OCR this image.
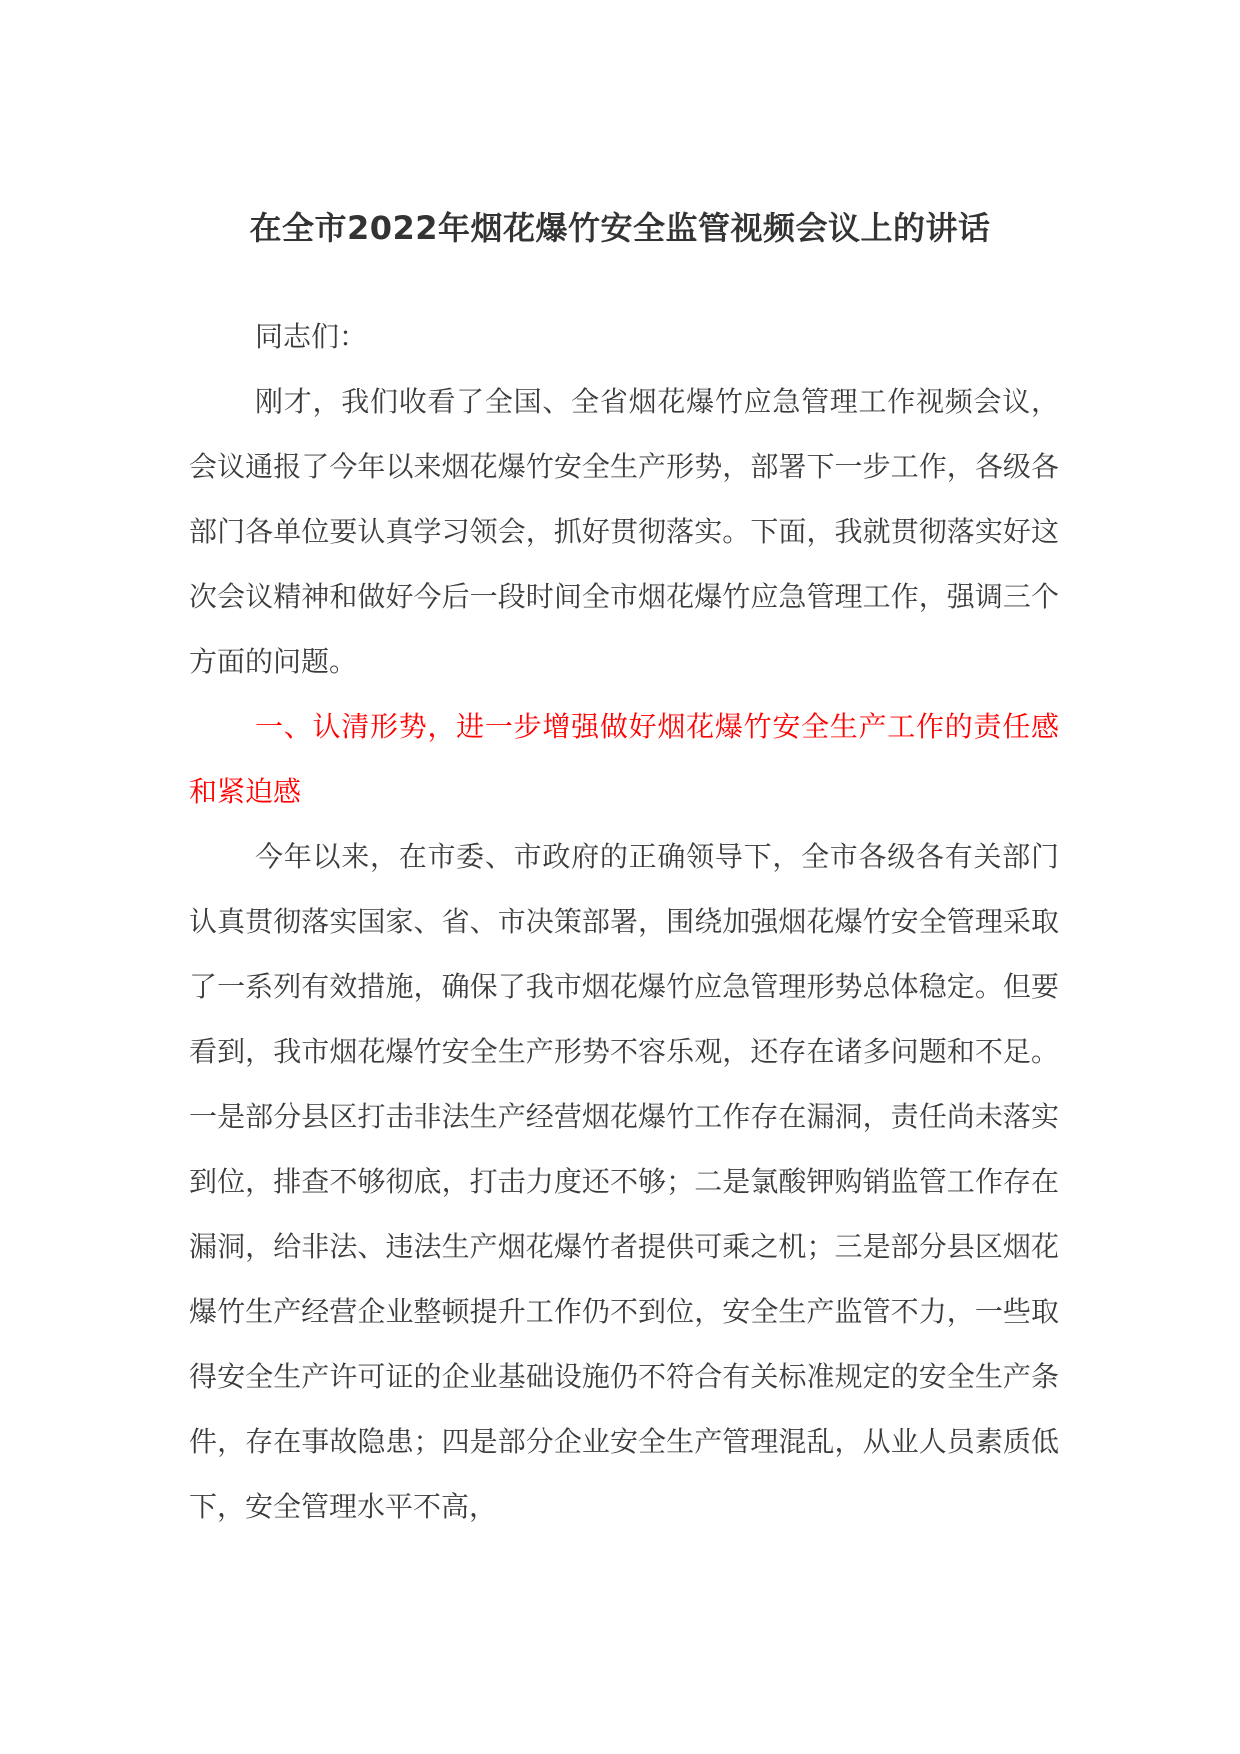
在全市2022年烟花爆竹安全监管视频会议上的讲话

同志们：

刚才，我们收看了全国、全省烟花爆竹应急管理工作视频会议，会议通报了今年以来烟花爆竹安全生产形势，部署下一步工作，各级各部门各单位要认真学习领会，抓好贯彻落实。下面，我就贯彻落实好这次会议精神和做好今后一段时间全市烟花爆竹应急管理工作，强调三个方面的问题。

一、认清形势，进一步增强做好烟花爆竹安全生产工作的责任感和紧迫感

今年以来，在市委、市政府的正确领导下，全市各级各有关部门认真贯彻落实国家、省、市决策部署，围绕加强烟花爆竹安全管理采取了一系列有效措施，确保了我市烟花爆竹应急管理形势总体稳定。但要看到，我市烟花爆竹安全生产形势不容乐观，还存在诸多问题和不足。一是部分县区打击非法生产经营烟花爆竹工作存在漏洞，责任尚未落实到位，排查不够彻底，打击力度还不够；二是氯酸钾购销监管工作存在漏洞，给非法、违法生产烟花爆竹者提供可乘之机；三是部分县区烟花爆竹生产经营企业整顿提升工作仍不到位，安全生产监管不力，一些取得安全生产许可证的企业基础设施仍不符合有关标准规定的安全生产条件，存在事故隐患；四是部分企业安全生产管理混乱，从业人员素质低下，安全管理水平不高，
